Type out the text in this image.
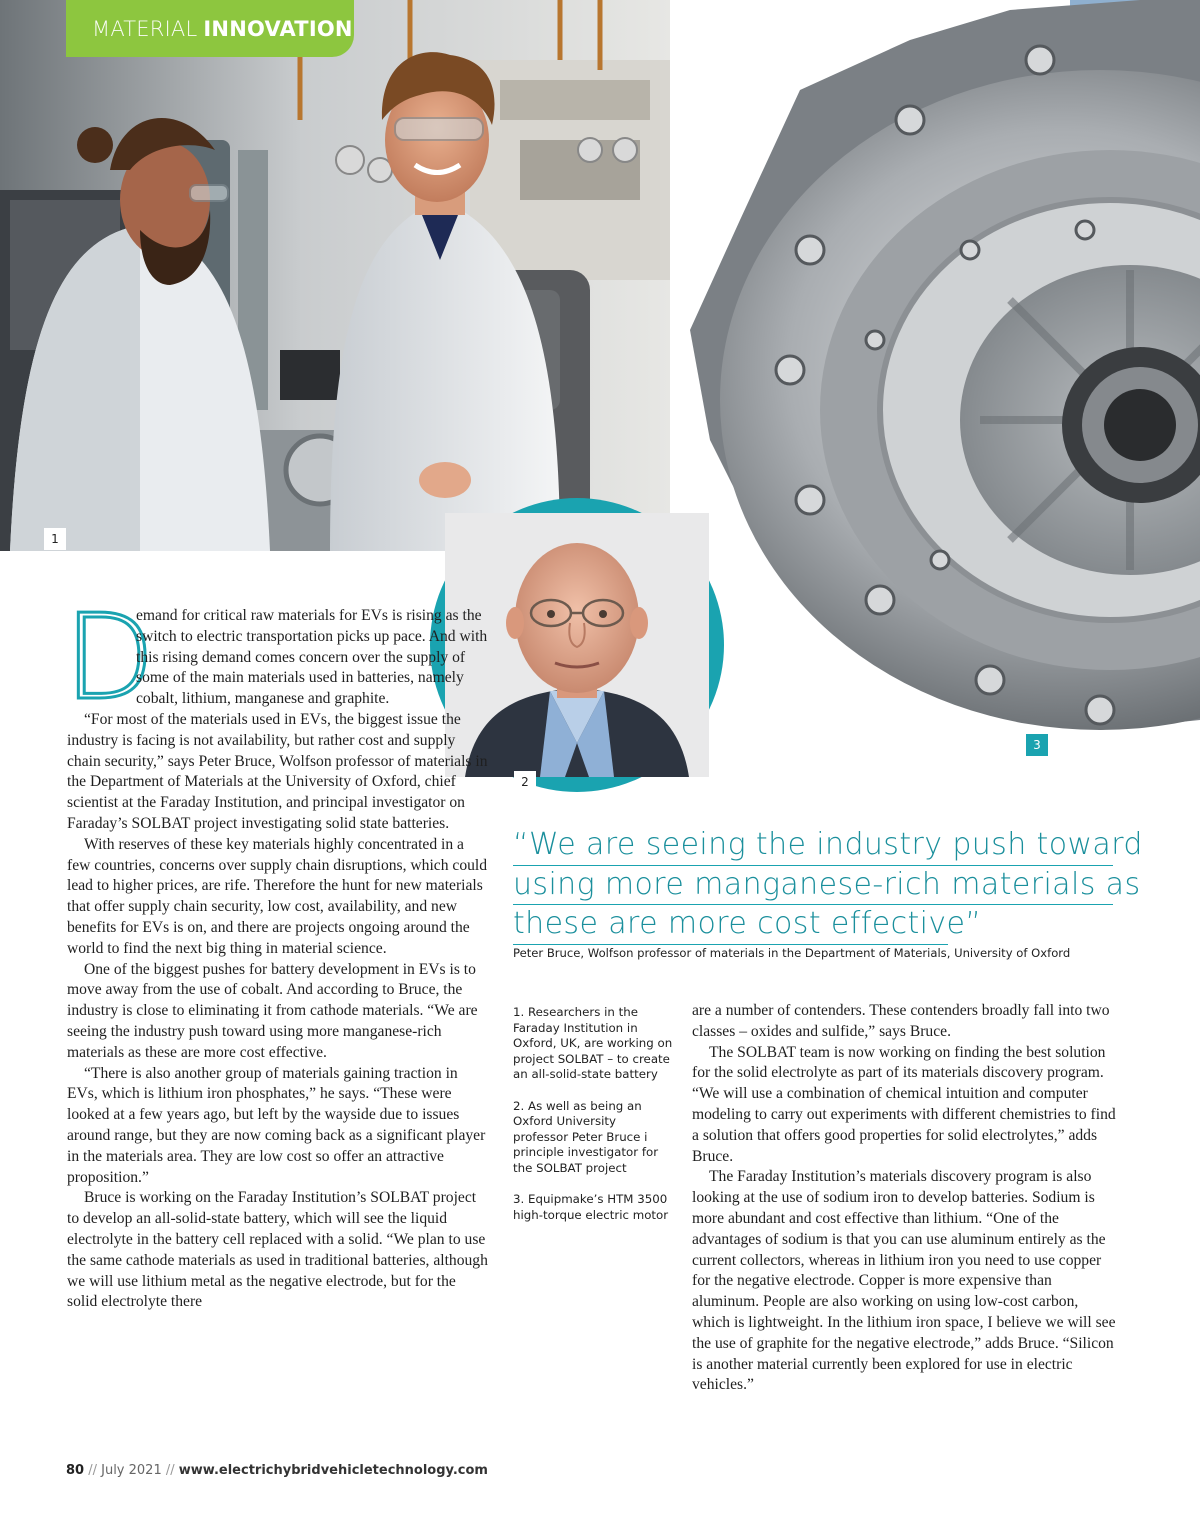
MATERIAL INNOVATION
1
3
2
D

emand for critical raw materials for EVs is rising as the switch to electric transportation picks up pace. And with this rising demand comes concern over the supply of some of the main materials used in batteries, namely cobalt, lithium, manganese and graphite.

“For most of the materials used in EVs, the biggest issue the industry is facing is not availability, but rather cost and supply chain security,” says Peter Bruce, Wolfson professor of materials in the Department of Materials at the University of Oxford, chief scientist at the Faraday Institution, and principal investigator on Faraday’s SOLBAT project investigating solid state batteries.

With reserves of these key materials highly concentrated in a few countries, concerns over supply chain disruptions, which could lead to higher prices, are rife. Therefore the hunt for new materials that offer supply chain security, low cost, availability, and new benefits for EVs is on, and there are projects ongoing around the world to find the next big thing in material science.

One of the biggest pushes for battery development in EVs is to move away from the use of cobalt. And according to Bruce, the industry is close to eliminating it from cathode materials. “We are seeing the industry push toward using more manganese-rich materials as these are more cost effective.

“There is also another group of materials gaining traction in EVs, which is lithium iron phosphates,” he says. “These were looked at a few years ago, but left by the wayside due to issues around range, but they are now coming back as a significant player in the materials area. They are low cost so offer an attractive proposition.”

Bruce is working on the Faraday Institution’s SOLBAT project to develop an all-solid-state battery, which will see the liquid electrolyte in the battery cell replaced with a solid. “We plan to use the same cathode materials as used in traditional batteries, although we will use lithium metal as the negative electrode, but for the solid electrolyte there

“We are seeing the industry push toward
using more manganese-rich materials as
these are more cost effective”
Peter Bruce, Wolfson professor of materials in the Department of Materials, University of Oxford

1. Researchers in the Faraday Institution in Oxford, UK, are working on project SOLBAT – to create an all-solid-state battery

2. As well as being an Oxford University professor Peter Bruce i principle investigator for the SOLBAT project

3. Equipmake’s HTM 3500 high-torque electric motor

are a number of contenders. These contenders broadly fall into two classes – oxides and sulfide,” says Bruce.

The SOLBAT team is now working on finding the best solution for the solid electrolyte as part of its materials discovery program. “We will use a combination of chemical intuition and computer modeling to carry out experiments with different chemistries to find a solution that offers good properties for solid electrolytes,” adds Bruce.

The Faraday Institution’s materials discovery program is also looking at the use of sodium iron to develop batteries. Sodium is more abundant and cost effective than lithium. “One of the advantages of sodium is that you can use aluminum entirely as the current collectors, whereas in lithium iron you need to use copper for the negative electrode. Copper is more expensive than aluminum. People are also working on using low-cost carbon, which is lightweight. In the lithium iron space, I believe we will see the use of graphite for the negative electrode,” adds Bruce. “Silicon is another material currently been explored for use in electric vehicles.”

80 // July 2021 // www.electrichybridvehicletechnology.com
